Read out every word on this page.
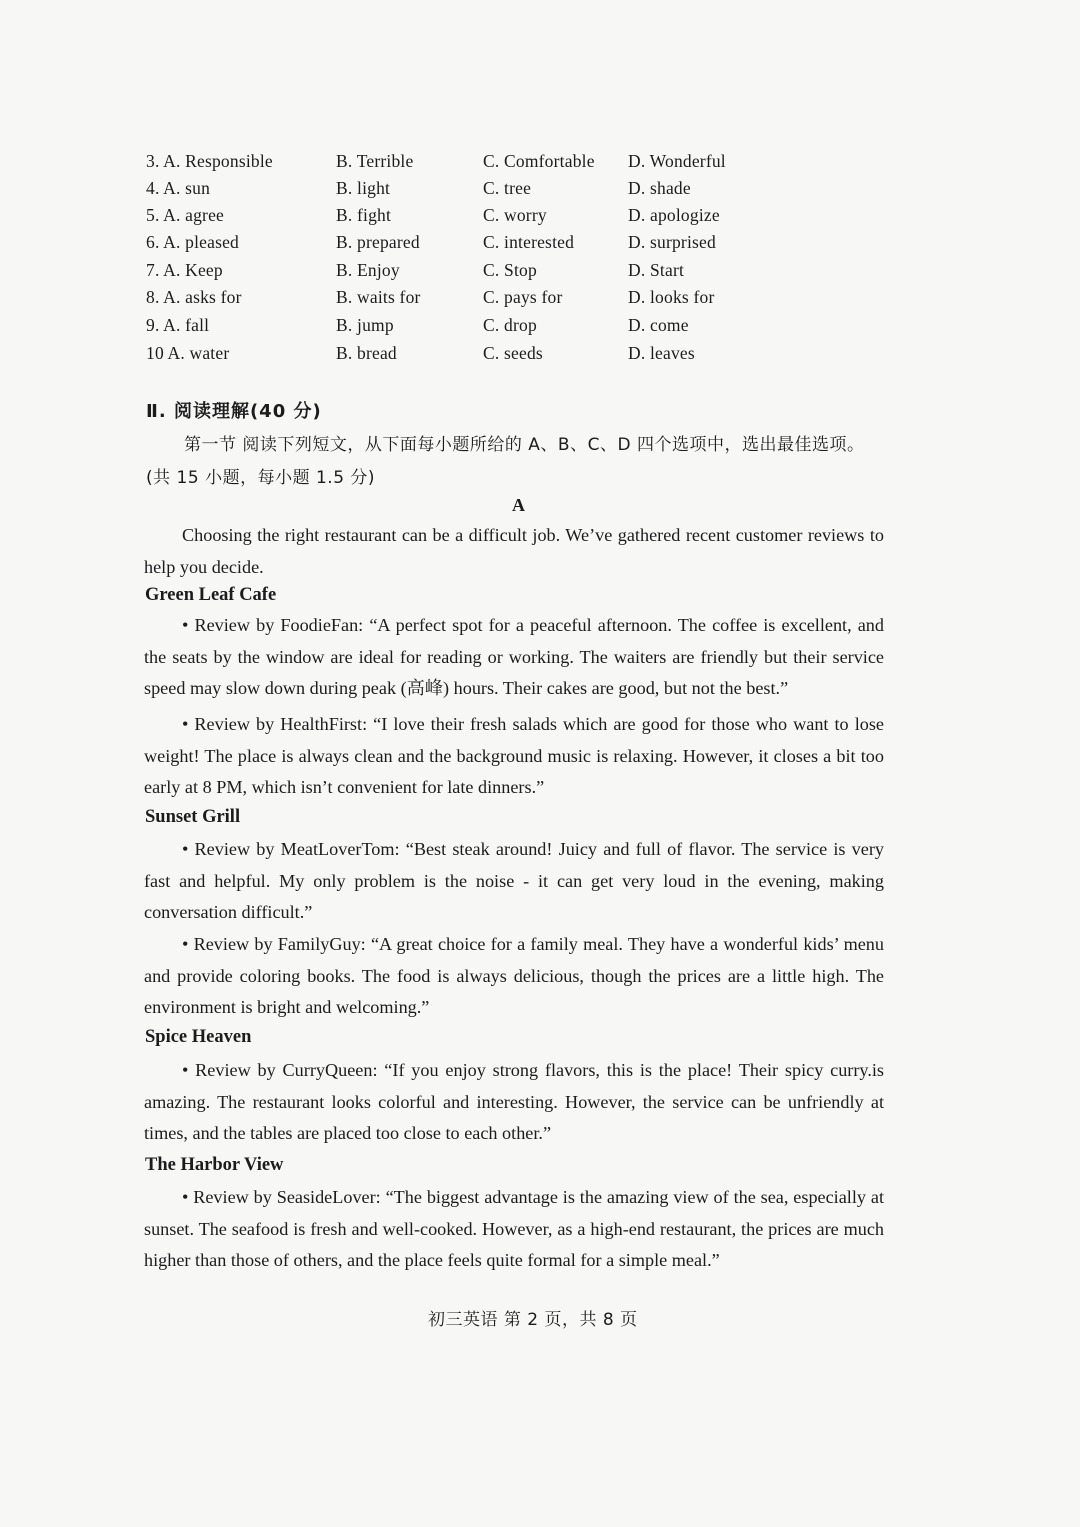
3. A. Responsible	B. Terrible	C. Comfortable D. Wonderful
4. A. sun	B. light	C. tree	D. shade
5. A. agree	B. fight	C. worry	D. apologize
6. A. pleased	B. prepared	C. interested	D. surprised
7. A. Keep	B. Enjoy	C. Stop	D. Start
8. A. asks for	B. waits for	C. pays for	D. looks for
9. A. fall	B. jump	C. drop	D. come
10 A. water	B. bread	C. seeds	D. leaves
Ⅱ. 阅读理解(40 分)
第一节 阅读下列短文，从下面每小题所给的 A、B、C、D 四个选项中，选出最佳选项。
(共 15 小题，每小题 1.5 分)
A
Choosing the right restaurant can be a difficult job. We’ve gathered recent customer reviews to help you decide.
Green Leaf Cafe
• Review by FoodieFan: “A perfect spot for a peaceful afternoon. The coffee is excellent, and the seats by the window are ideal for reading or working. The waiters are friendly but their service speed may slow down during peak (高峰) hours. Their cakes are good, but not the best.”
• Review by HealthFirst: “I love their fresh salads which are good for those who want to lose weight! The place is always clean and the background music is relaxing. However, it closes a bit too early at 8 PM, which isn’t convenient for late dinners.”
Sunset Grill
• Review by MeatLoverTom: “Best steak around! Juicy and full of flavor. The service is very fast and helpful. My only problem is the noise - it can get very loud in the evening, making conversation difficult.”
• Review by FamilyGuy: “A great choice for a family meal. They have a wonderful kids’ menu and provide coloring books. The food is always delicious, though the prices are a little high. The environment is bright and welcoming.”
Spice Heaven
• Review by CurryQueen: “If you enjoy strong flavors, this is the place! Their spicy curry.is amazing. The restaurant looks colorful and interesting. However, the service can be unfriendly at times, and the tables are placed too close to each other.”
The Harbor View
• Review by SeasideLover: “The biggest advantage is the amazing view of the sea, especially at sunset. The seafood is fresh and well-cooked. However, as a high-end restaurant, the prices are much higher than those of others, and the place feels quite formal for a simple meal.”
初三英语 第 2 页，共 8 页
